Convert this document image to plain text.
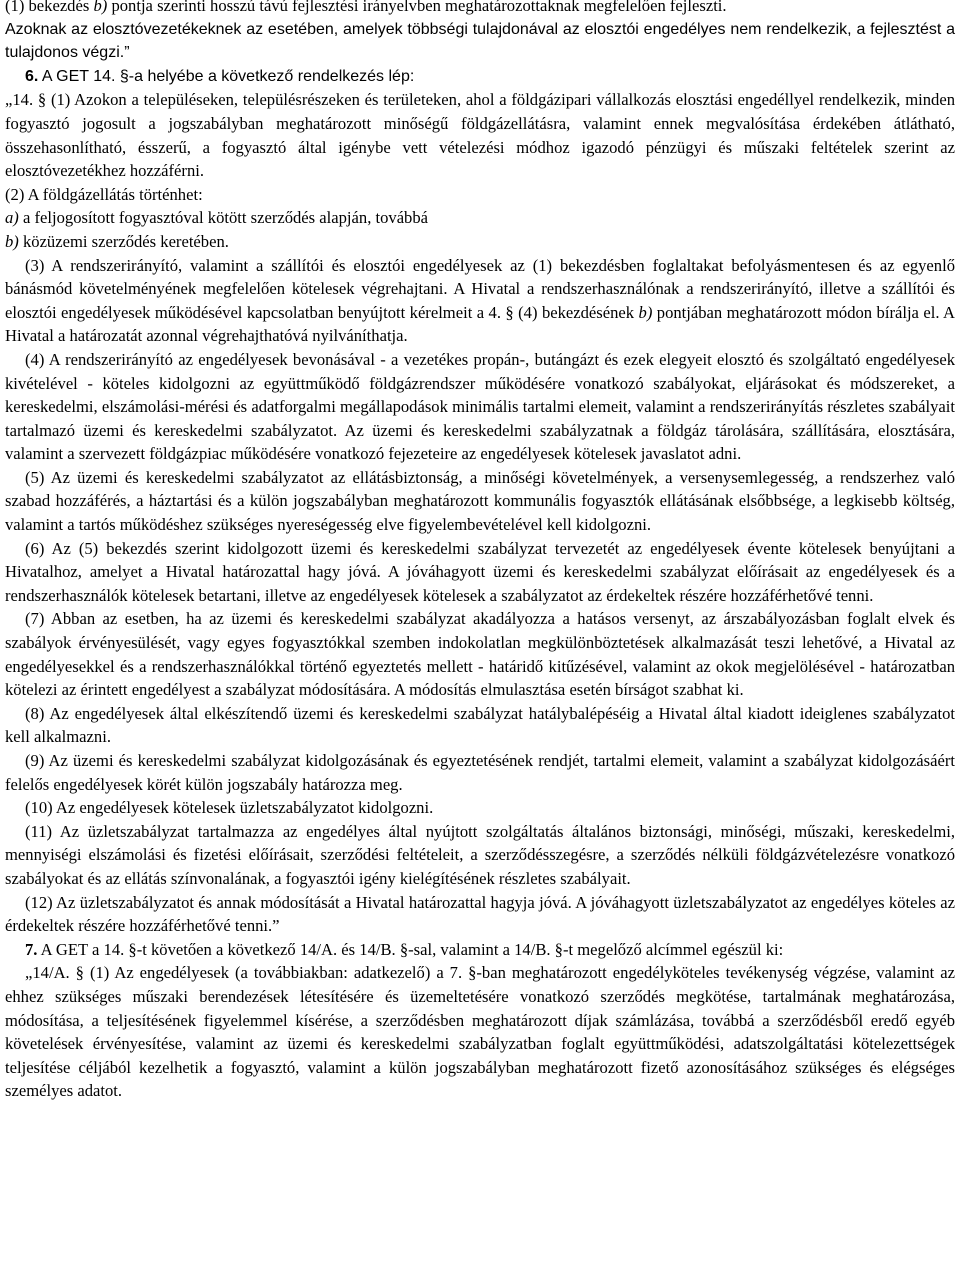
(1) bekezdés b) pontja szerinti hosszú távú fejlesztési irányelvben meghatározottaknak megfelelően fejleszti.

Azoknak az elosztóvezetékeknek az esetében, amelyek többségi tulajdonával az elosztói engedélyes nem rendelkezik, a fejlesztést a tulajdonos végzi.”

6. A GET 14. §-a helyébe a következő rendelkezés lép:

„14. § (1) Azokon a településeken, településrészeken és területeken, ahol a földgázipari vállalkozás elosztási engedéllyel rendelkezik, minden fogyasztó jogosult a jogszabályban meghatározott minőségű földgázellátásra, valamint ennek megvalósítása érdekében átlátható, összehasonlítható, ésszerű, a fogyasztó által igénybe vett vételezési módhoz igazodó pénzügyi és műszaki feltételek szerint az elosztóvezetékhez hozzáférni.

(2) A földgázellátás történhet:

a) a feljogosított fogyasztóval kötött szerződés alapján, továbbá

b) közüzemi szerződés keretében.

(3) A rendszerirányító, valamint a szállítói és elosztói engedélyesek az (1) bekezdésben foglaltakat befolyásmentesen és az egyenlő bánásmód követelményének megfelelően kötelesek végrehajtani. A Hivatal a rendszerhasználónak a rendszerirányító, illetve a szállítói és elosztói engedélyesek működésével kapcsolatban benyújtott kérelmeit a 4. § (4) bekezdésének b) pontjában meghatározott módon bírálja el. A Hivatal a határozatát azonnal végrehajthatóvá nyilváníthatja.

(4) A rendszerirányító az engedélyesek bevonásával - a vezetékes propán-, butángázt és ezek elegyeit elosztó és szolgáltató engedélyesek kivételével - köteles kidolgozni az együttműködő földgázrendszer működésére vonatkozó szabályokat, eljárásokat és módszereket, a kereskedelmi, elszámolási-mérési és adatforgalmi megállapodások minimális tartalmi elemeit, valamint a rendszerirányítás részletes szabályait tartalmazó üzemi és kereskedelmi szabályzatot. Az üzemi és kereskedelmi szabályzatnak a földgáz tárolására, szállítására, elosztására, valamint a szervezett földgázpiac működésére vonatkozó fejezeteire az engedélyesek kötelesek javaslatot adni.

(5) Az üzemi és kereskedelmi szabályzatot az ellátásbiztonság, a minőségi követelmények, a versenysemlegesség, a rendszerhez való szabad hozzáférés, a háztartási és a külön jogszabályban meghatározott kommunális fogyasztók ellátásának elsőbbsége, a legkisebb költség, valamint a tartós működéshez szükséges nyereségesség elve figyelembevételével kell kidolgozni.

(6) Az (5) bekezdés szerint kidolgozott üzemi és kereskedelmi szabályzat tervezetét az engedélyesek évente kötelesek benyújtani a Hivatalhoz, amelyet a Hivatal határozattal hagy jóvá. A jóváhagyott üzemi és kereskedelmi szabályzat előírásait az engedélyesek és a rendszerhasználók kötelesek betartani, illetve az engedélyesek kötelesek a szabályzatot az érdekeltek részére hozzáférhetővé tenni.

(7) Abban az esetben, ha az üzemi és kereskedelmi szabályzat akadályozza a hatásos versenyt, az árszabályozásban foglalt elvek és szabályok érvényesülését, vagy egyes fogyasztókkal szemben indokolatlan megkülönböztetések alkalmazását teszi lehetővé, a Hivatal az engedélyesekkel és a rendszerhasználókkal történő egyeztetés mellett - határidő kitűzésével, valamint az okok megjelölésével - határozatban kötelezi az érintett engedélyest a szabályzat módosítására. A módosítás elmulasztása esetén bírságot szabhat ki.

(8) Az engedélyesek által elkészítendő üzemi és kereskedelmi szabályzat hatálybalépéséig a Hivatal által kiadott ideiglenes szabályzatot kell alkalmazni.

(9) Az üzemi és kereskedelmi szabályzat kidolgozásának és egyeztetésének rendjét, tartalmi elemeit, valamint a szabályzat kidolgozásáért felelős engedélyesek körét külön jogszabály határozza meg.

(10) Az engedélyesek kötelesek üzletszabályzatot kidolgozni.

(11) Az üzletszabályzat tartalmazza az engedélyes által nyújtott szolgáltatás általános biztonsági, minőségi, műszaki, kereskedelmi, mennyiségi elszámolási és fizetési előírásait, szerződési feltételeit, a szerződésszegésre, a szerződés nélküli földgázvételezésre vonatkozó szabályokat és az ellátás színvonalának, a fogyasztói igény kielégítésének részletes szabályait.

(12) Az üzletszabályzatot és annak módosítását a Hivatal határozattal hagyja jóvá. A jóváhagyott üzletszabályzatot az engedélyes köteles az érdekeltek részére hozzáférhetővé tenni.”

7. A GET a 14. §-t követően a következő 14/A. és 14/B. §-sal, valamint a 14/B. §-t megelőző alcímmel egészül ki:

„14/A. § (1) Az engedélyesek (a továbbiakban: adatkezelő) a 7. §-ban meghatározott engedélyköteles tevékenység végzése, valamint az ehhez szükséges műszaki berendezések létesítésére és üzemeltetésére vonatkozó szerződés megkötése, tartalmának meghatározása, módosítása, a teljesítésének figyelemmel kísérése, a szerződésben meghatározott díjak számlázása, továbbá a szerződésből eredő egyéb követelések érvényesítése, valamint az üzemi és kereskedelmi szabályzatban foglalt együttműködési, adatszolgáltatási kötelezettségek teljesítése céljából kezelhetik a fogyasztó, valamint a külön jogszabályban meghatározott fizető azonosításához szükséges és elégséges személyes adatot.
